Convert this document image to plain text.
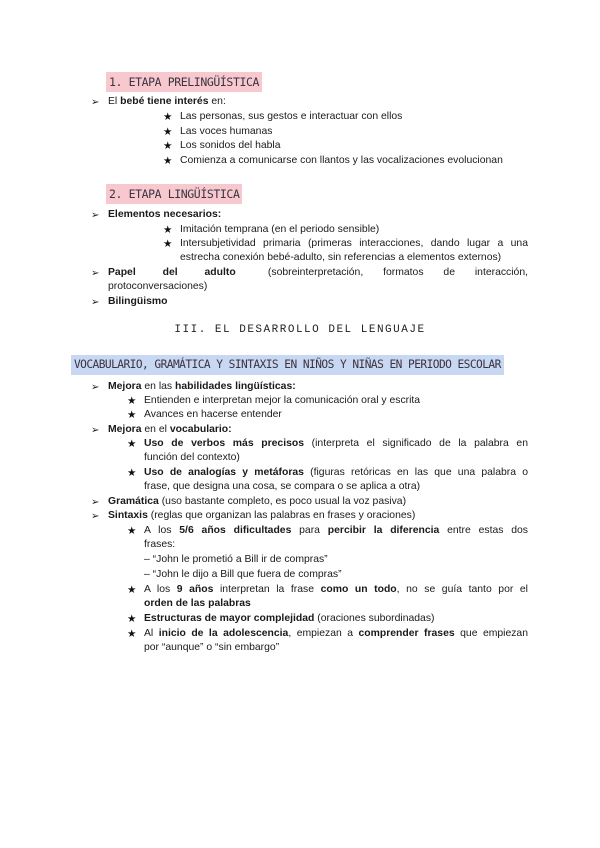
1. ETAPA PRELINGÜÍSTICA
➢ El bebé tiene interés en:
★ Las personas, sus gestos e interactuar con ellos
★ Las voces humanas
★ Los sonidos del habla
★ Comienza a comunicarse con llantos y las vocalizaciones evolucionan
2. ETAPA LINGÜÍSTICA
➢ Elementos necesarios:
★ Imitación temprana (en el periodo sensible)
★ Intersubjetividad primaria (primeras interacciones, dando lugar a una
estrecha conexión bebé-adulto, sin referencias a elementos externos)
➢ Papel del adulto	(sobreinterpretación, formatos de interacción,
protoconversaciones)
➢ Bilingüismo
III. EL DESARROLLO DEL LENGUAJE
VOCABULARIO, GRAMÁTICA Y SINTAXIS EN NIÑOS Y NIÑAS EN PERIODO ESCOLAR
➢ Mejora en las habilidades lingüísticas:
★ Entienden e interpretan mejor la comunicación oral y escrita
★ Avances en hacerse entender
➢ Mejora en el vocabulario:
★ Uso de verbos más precisos (interpreta el significado de la palabra en
función del contexto)
★ Uso de analogías y metáforas (figuras retóricas en las que una palabra o
frase, que designa una cosa, se compara o se aplica a otra)
➢ Gramática (uso bastante completo, es poco usual la voz pasiva)
➢ Sintaxis (reglas que organizan las palabras en frases y oraciones)
★ A los 5/6 años dificultades para percibir la diferencia entre estas dos
frases:
– “John le prometió a Bill ir de compras”
– “John le dijo a Bill que fuera de compras”
★ A los 9 años interpretan la frase como un todo, no se guía tanto por el
orden de las palabras
★ Estructuras de mayor complejidad (oraciones subordinadas)
★ Al inicio de la adolescencia, empiezan a comprender frases que empiezan
por “aunque” o “sin embargo”
